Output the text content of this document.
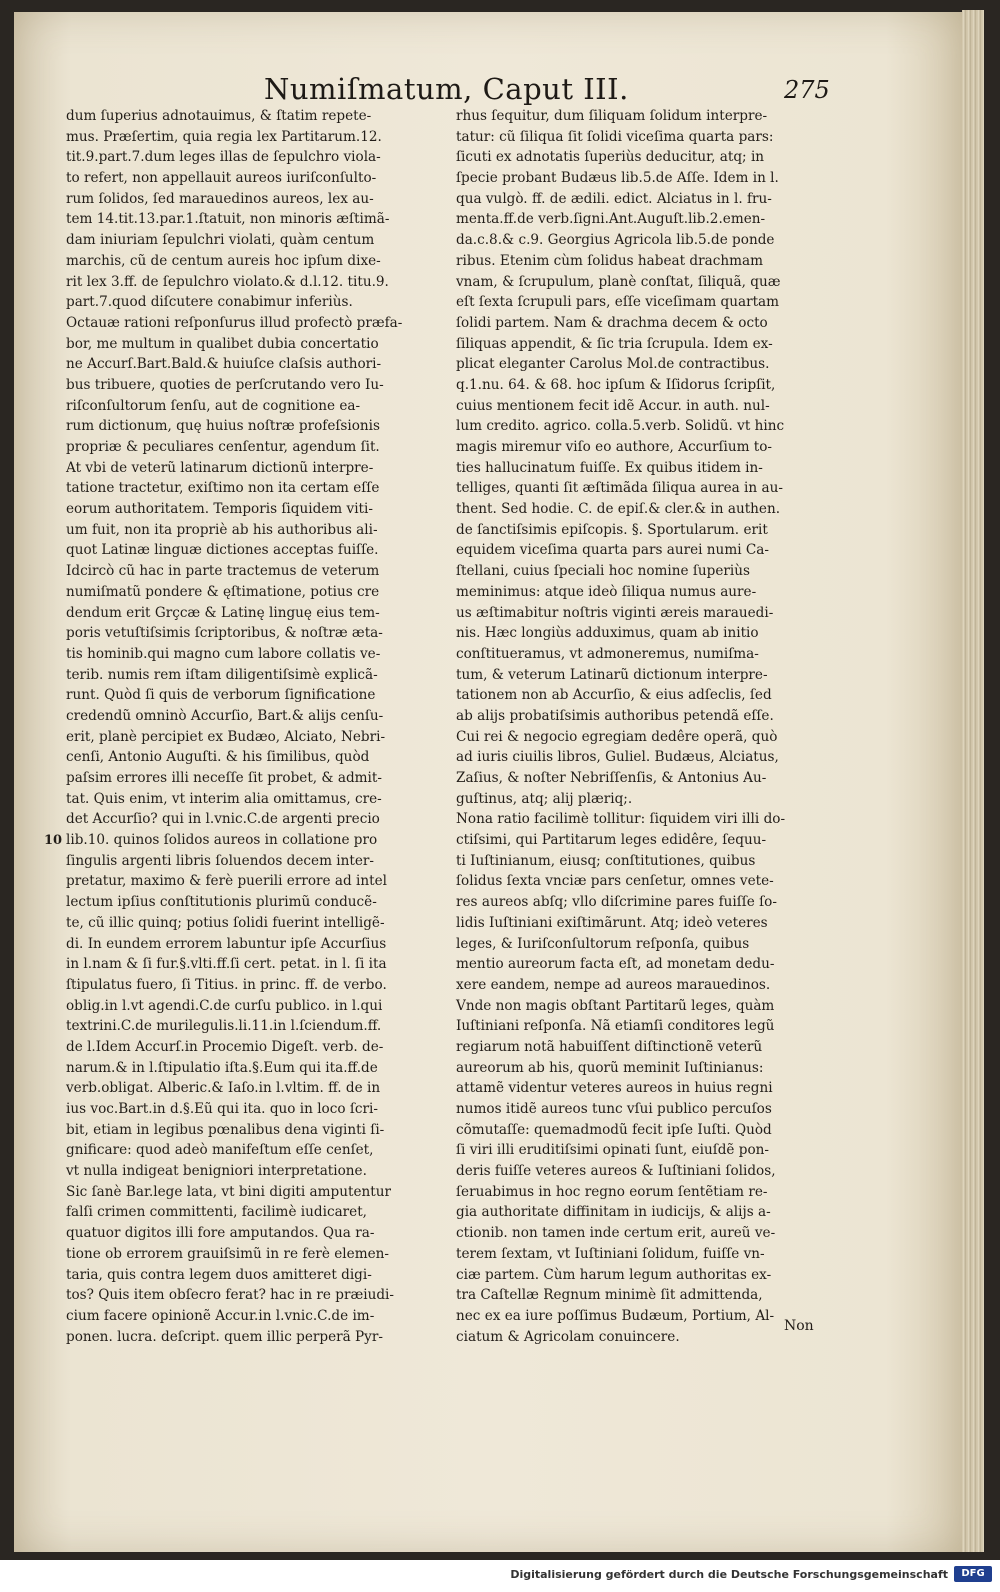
Numiſmatum, Caput III.	275
dum ſuperius adnotauimus, & ſtatim repete-
mus. Præſertim, quia regia lex Partitarum.12.
tit.9.part.7.dum leges illas de ſepulchro viola-
to refert, non appellauit aureos iuriſconſulto-
rum ſolidos, ſed marauedinos aureos, lex au-
tem 14.tit.13.par.1.ſtatuit, non minoris æſtimã-
dam iniuriam ſepulchri violati, quàm centum
marchis, cũ de centum aureis hoc ipſum dixe-
rit lex 3.ff. de ſepulchro violato.& d.l.12. titu.9.
part.7.quod diſcutere conabimur inferiùs.
Octauæ rationi reſponſurus illud profectò præfa-
bor, me multum in qualibet dubia concertatio
ne Accurſ.Bart.Bald.& huiuſce claſsis authori-
bus tribuere, quoties de perſcrutando vero Iu-
riſconſultorum ſenſu, aut de cognitione ea-
rum dictionum, quę huius noſtræ profeſsionis
propriæ & peculiares cenſentur, agendum ſit.
At vbi de veterũ latinarum dictionũ interpre-
tatione tractetur, exiſtimo non ita certam eſſe
eorum authoritatem. Temporis ſiquidem viti-
um fuit, non ita propriè ab his authoribus ali-
quot Latinæ linguæ dictiones acceptas fuiſſe.
Idcircò cũ hac in parte tractemus de veterum
numiſmatũ pondere & ęſtimatione, potius cre
dendum erit Grçcæ & Latinę linguę eius tem-
poris vetuſtiſsimis ſcriptoribus, & noſtræ æta-
tis hominib.qui magno cum labore collatis ve-
terib. numis rem iſtam diligentiſsimè explicã-
runt. Quòd ſi quis de verborum ſignificatione
credendũ omninò Accurſio, Bart.& alijs cenſu-
erit, planè percipiet ex Budæo, Alciato, Nebri-
cenſi, Antonio Auguſti. & his ſimilibus, quòd
paſsim errores illi neceſſe ſit probet, & admit-
tat. Quis enim, vt interim alia omittamus, cre-
det Accurſio? qui in l.vnic.C.de argenti precio
lib.10. quinos ſolidos aureos in collatione pro
ſingulis argenti libris ſoluendos decem inter-
pretatur, maximo & ferè puerili errore ad intel
lectum ipſius conſtitutionis plurimũ conducẽ-
te, cũ illic quinq; potius ſolidi fuerint intelligẽ-
di. In eundem errorem labuntur ipſe Accurſius
in l.nam & ſi fur.§.vlti.ff.ſi cert. petat. in l. ſi ita
ſtipulatus fuero, ſi Titius. in princ. ff. de verbo.
oblig.in l.vt agendi.C.de curſu publico. in l.qui
textrini.C.de murilegulis.li.11.in l.ſciendum.ff.
de l.Idem Accurſ.in Procemio Digeſt. verb. de-
narum.& in l.ſtipulatio iſta.§.Eum qui ita.ff.de
verb.obligat. Alberic.& Iaſo.in l.vltim. ff. de in
ius voc.Bart.in d.§.Eũ qui ita. quo in loco ſcri-
bit, etiam in legibus pœnalibus dena viginti ſi-
gnificare: quod adeò manifeſtum eſſe cenſet,
vt nulla indigeat benigniori interpretatione.
Sic ſanè Bar.lege lata, vt bini digiti amputentur
falſi crimen committenti, facilimè iudicaret,
quatuor digitos illi fore amputandos. Qua ra-
tione ob errorem grauiſsimũ in re ferè elemen-
taria, quis contra legem duos amitteret digi-
tos? Quis item obſecro ferat? hac in re præiudi-
cium facere opinionẽ Accur.in l.vnic.C.de im-
ponen. lucra. deſcript. quem illic perperã Pyr-
rhus ſequitur, dum ſiliquam ſolidum interpre-
tatur: cũ ſiliqua ſit ſolidi viceſima quarta pars:
ſicuti ex adnotatis ſuperiùs deducitur, atq; in
ſpecie probant Budæus lib.5.de Aſſe. Idem in l.
qua vulgò. ff. de ædili. edict. Alciatus in l. fru-
menta.ff.de verb.ſigni.Ant.Auguſt.lib.2.emen-
da.c.8.& c.9. Georgius Agricola lib.5.de ponde
ribus. Etenim cùm ſolidus habeat drachmam
vnam, & ſcrupulum, planè conſtat, ſiliquã, quæ
eſt ſexta ſcrupuli pars, eſſe viceſimam quartam
ſolidi partem. Nam & drachma decem & octo
ſiliquas appendit, & ſic tria ſcrupula. Idem ex-
plicat eleganter Carolus Mol.de contractibus.
q.1.nu. 64. & 68. hoc ipſum & Iſidorus ſcripſit,
cuius mentionem fecit idẽ Accur. in auth. nul-
lum credito. agrico. colla.5.verb. Solidũ. vt hinc
magis miremur viſo eo authore, Accurſium to-
ties hallucinatum fuiſſe. Ex quibus itidem in-
telliges, quanti ſit æſtimãda ſiliqua aurea in au-
thent. Sed hodie. C. de epiſ.& cler.& in authen.
de ſanctiſsimis epiſcopis. §. Sportularum. erit
equidem viceſima quarta pars aurei numi Ca-
ſtellani, cuius ſpeciali hoc nomine ſuperiùs
meminimus: atque ideò ſiliqua numus aure-
us æſtimabitur noſtris viginti æreis marauedi-
nis. Hæc longiùs adduximus, quam ab initio
conſtitueramus, vt admoneremus, numiſma-
tum, & veterum Latinarũ dictionum interpre-
tationem non ab Accurſio, & eius adſeclis, ſed
ab alijs probatiſsimis authoribus petendã eſſe.
Cui rei & negocio egregiam dedêre operã, quò
ad iuris ciuilis libros, Guliel. Budæus, Alciatus,
Zaſius, & noſter Nebriſſenſis, & Antonius Au-
guſtinus, atq; alij plæriq;.
Nona ratio facilimè tollitur: ſiquidem viri illi do-
ctiſsimi, qui Partitarum leges edidêre, ſequu-
ti Iuſtinianum, eiusq; conſtitutiones, quibus
ſolidus ſexta vnciæ pars cenſetur, omnes vete-
res aureos abſq; vllo diſcrimine pares fuiſſe ſo-
lidis Iuſtiniani exiſtimãrunt. Atq; ideò veteres
leges, & Iuriſconſultorum reſponſa, quibus
mentio aureorum facta eſt, ad monetam dedu-
xere eandem, nempe ad aureos marauedinos.
Vnde non magis obſtant Partitarũ leges, quàm
Iuſtiniani reſponſa. Nã etiamſi conditores legũ
regiarum notã habuiſſent diſtinctionẽ veterũ
aureorum ab his, quorũ meminit Iuſtinianus:
attamẽ videntur veteres aureos in huius regni
numos itidẽ aureos tunc vſui publico percuſos
cõmutaſſe: quemadmodũ fecit ipſe Iuſti. Quòd
ſi viri illi eruditiſsimi opinati ſunt, eiuſdẽ pon-
deris fuiſſe veteres aureos & Iuſtiniani ſolidos,
ſeruabimus in hoc regno eorum ſentẽtiam re-
gia authoritate diffinitam in iudicijs, & alijs a-
ctionib. non tamen inde certum erit, aureũ ve-
terem ſextam, vt Iuſtiniani ſolidum, fuiſſe vn-
ciæ partem. Cùm harum legum authoritas ex-
tra Caſtellæ Regnum minimè ſit admittenda,
nec ex ea iure poſſimus Budæum, Portium, Al-
ciatum & Agricolam conuincere.
10
Non
Digitalisierung gefördert durch die Deutsche Forschungsgemeinschaft	DFG
